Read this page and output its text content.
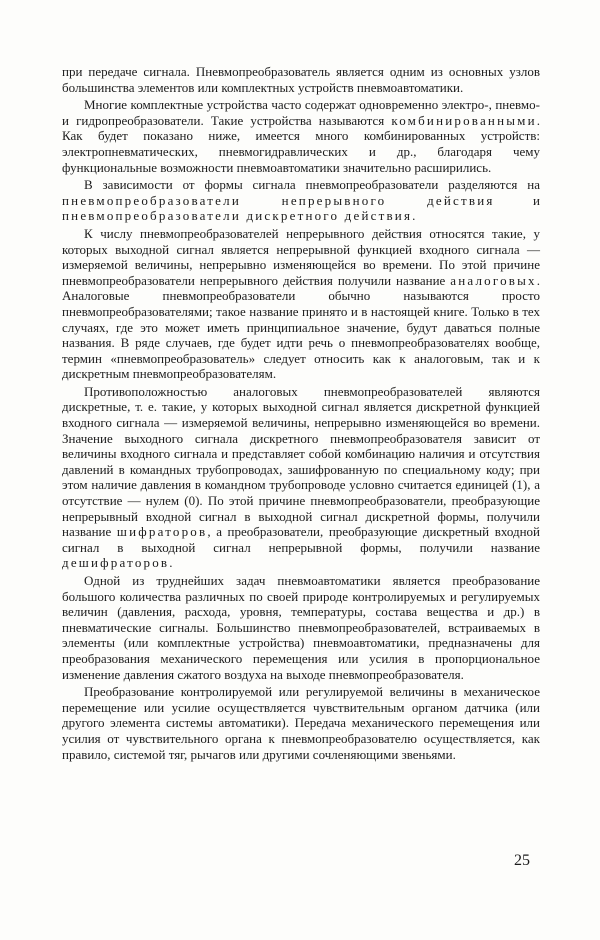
при передаче сигнала. Пневмопреобразователь является одним из основных узлов большинства элементов или комплектных устройств пневмоавтоматики.

Многие комплектные устройства часто содержат одновременно электро-, пневмо- и гидропреобразователи. Такие устройства называются комбинированными. Как будет показано ниже, имеется много комбинированных устройств: электропневматических, пневмогидравлических и др., благодаря чему функциональные возможности пневмоавтоматики значительно расширились.

В зависимости от формы сигнала пневмопреобразователи разделяются на пневмопреобразователи непрерывного действия и пневмопреобразователи дискретного действия.

К числу пневмопреобразователей непрерывного действия относятся такие, у которых выходной сигнал является непрерывной функцией входного сигнала — измеряемой величины, непрерывно изменяющейся во времени. По этой причине пневмопреобразователи непрерывного действия получили название аналоговых. Аналоговые пневмопреобразователи обычно называются просто пневмопреобразователями; такое название принято и в настоящей книге. Только в тех случаях, где это может иметь принципиальное значение, будут даваться полные названия. В ряде случаев, где будет идти речь о пневмопреобразователях вообще, термин «пневмопреобразователь» следует относить как к аналоговым, так и к дискретным пневмопреобразователям.

Противоположностью аналоговых пневмопреобразователей являются дискретные, т. е. такие, у которых выходной сигнал является дискретной функцией входного сигнала — измеряемой величины, непрерывно изменяющейся во времени. Значение выходного сигнала дискретного пневмопреобразователя зависит от величины входного сигнала и представляет собой комбинацию наличия и отсутствия давлений в командных трубопроводах, зашифрованную по специальному коду; при этом наличие давления в командном трубопроводе условно считается единицей (1), а отсутствие — нулем (0). По этой причине пневмопреобразователи, преобразующие непрерывный входной сигнал в выходной сигнал дискретной формы, получили название шифраторов, а преобразователи, преобразующие дискретный входной сигнал в выходной сигнал непрерывной формы, получили название дешифраторов.

Одной из труднейших задач пневмоавтоматики является преобразование большого количества различных по своей природе контролируемых и регулируемых величин (давления, расхода, уровня, температуры, состава вещества и др.) в пневматические сигналы. Большинство пневмопреобразователей, встраиваемых в элементы (или комплектные устройства) пневмоавтоматики, предназначены для преобразования механического перемещения или усилия в пропорциональное изменение давления сжатого воздуха на выходе пневмопреобразователя.

Преобразование контролируемой или регулируемой величины в механическое перемещение или усилие осуществляется чувствительным органом датчика (или другого элемента системы автоматики). Передача механического перемещения или усилия от чувствительного органа к пневмопреобразователю осуществляется, как правило, системой тяг, рычагов или другими сочленяющими звеньями.

25
